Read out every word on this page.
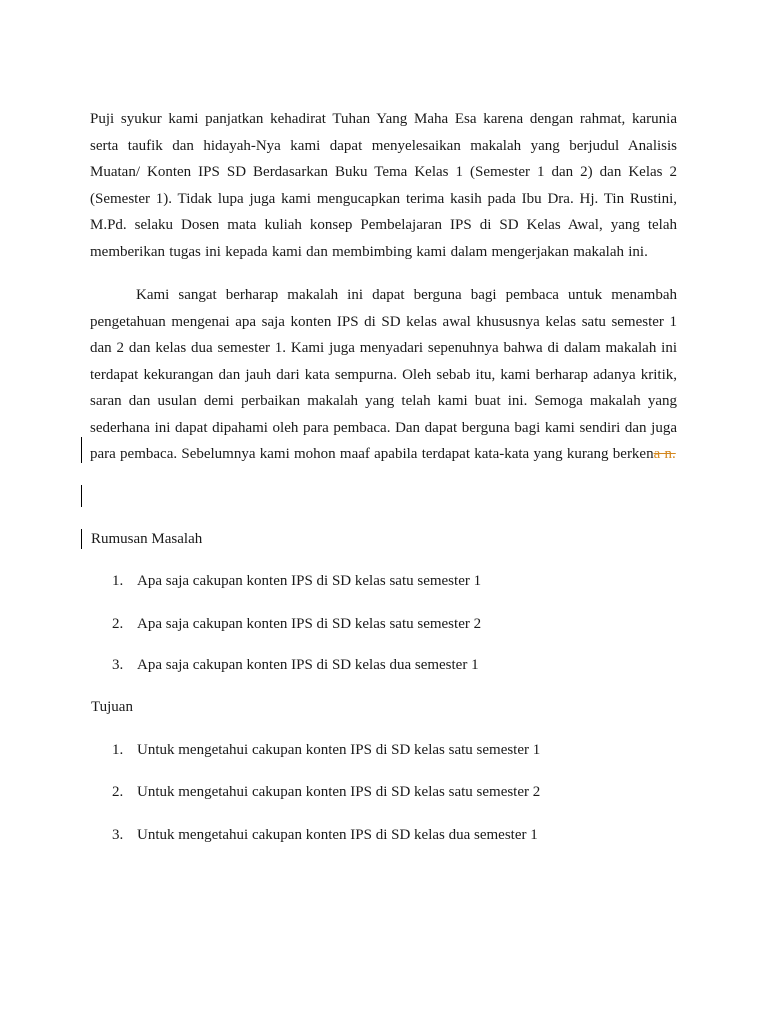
Puji syukur kami panjatkan kehadirat Tuhan Yang Maha Esa karena dengan rahmat, karunia serta taufik dan hidayah-Nya kami dapat menyelesaikan makalah yang berjudul Analisis Muatan/ Konten IPS SD Berdasarkan Buku Tema Kelas 1 (Semester 1 dan 2) dan Kelas 2 (Semester 1). Tidak lupa juga kami mengucapkan terima kasih pada Ibu Dra. Hj. Tin Rustini, M.Pd. selaku Dosen mata kuliah konsep Pembelajaran IPS di SD Kelas Awal, yang telah memberikan tugas ini kepada kami dan membimbing kami dalam mengerjakan makalah ini.

Kami sangat berharap makalah ini dapat berguna bagi pembaca untuk menambah pengetahuan mengenai apa saja konten IPS di SD kelas awal khususnya kelas satu semester 1 dan 2 dan kelas dua semester 1. Kami juga menyadari sepenuhnya bahwa di dalam makalah ini terdapat kekurangan dan jauh dari kata sempurna. Oleh sebab itu, kami berharap adanya kritik, saran dan usulan demi perbaikan makalah yang telah kami buat ini. Semoga makalah yang sederhana ini dapat dipahami oleh para pembaca. Dan dapat berguna bagi kami sendiri dan juga para pembaca. Sebelumnya kami mohon maaf apabila terdapat kata-kata yang kurang berkena n.

Rumusan Masalah

1. Apa saja cakupan konten IPS di SD kelas satu semester 1
2. Apa saja cakupan konten IPS di SD kelas satu semester 2
3. Apa saja cakupan konten IPS di SD kelas dua semester 1

Tujuan

1. Untuk mengetahui cakupan konten IPS di SD kelas satu semester 1
2. Untuk mengetahui cakupan konten IPS di SD kelas satu semester 2
3. Untuk mengetahui cakupan konten IPS di SD kelas dua semester 1
